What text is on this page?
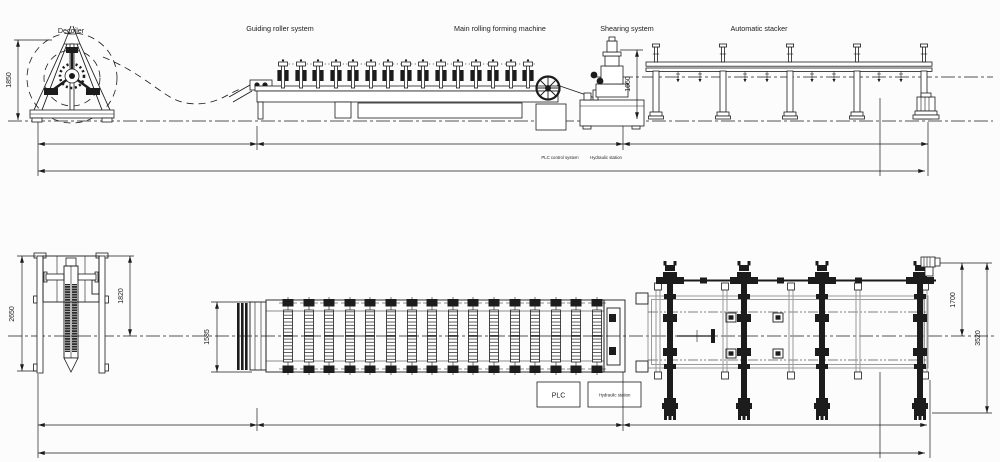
Decoiler	Guiding roller system	Main rolling forming machine	Shearing system	Automatic stacker
1850	1660
PLC control system	Hydraulic station
2650
1820
1585
PLC	Hydraulic station
1700
3520
